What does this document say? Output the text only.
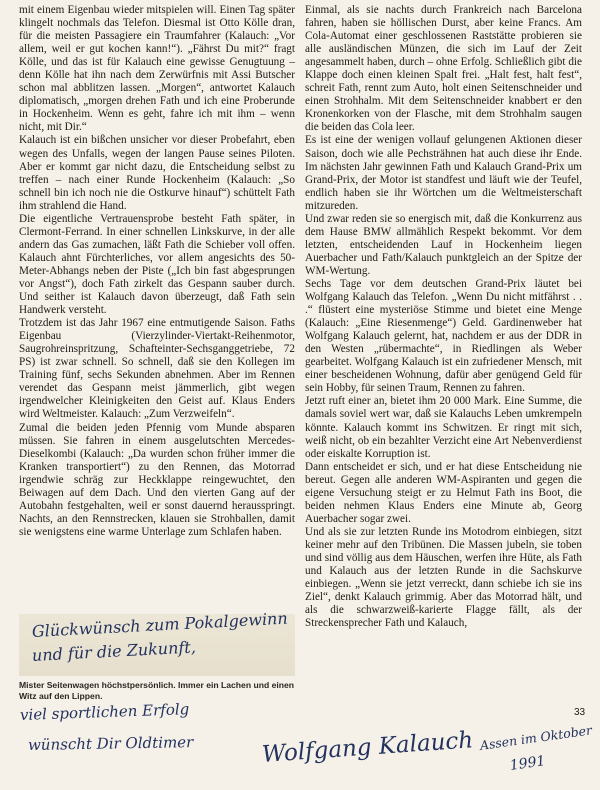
mit einem Eigenbau wieder mitspielen will. Einen Tag später klingelt nochmals das Telefon. Diesmal ist Otto Kölle dran, für die meisten Passagiere ein Traumfahrer (Kalauch: „Vor allem, weil er gut kochen kann!“). „Fährst Du mit?“ fragt Kölle, und das ist für Kalauch eine gewisse Genugtuung – denn Kölle hat ihn nach dem Zerwürfnis mit Assi Butscher schon mal abblitzen lassen. „Morgen“, antwortet Kalauch diplomatisch, „morgen drehen Fath und ich eine Proberunde in Hockenheim. Wenn es geht, fahre ich mit ihm – wenn nicht, mit Dir.“

Kalauch ist ein bißchen unsicher vor dieser Probefahrt, eben wegen des Unfalls, wegen der langen Pause seines Piloten. Aber er kommt gar nicht dazu, die Entscheidung selbst zu treffen – nach einer Runde Hockenheim (Kalauch: „So schnell bin ich noch nie die Ostkurve hinauf“) schüttelt Fath ihm strahlend die Hand.

Die eigentliche Vertrauensprobe besteht Fath später, in Clermont-Ferrand. In einer schnellen Linkskurve, in der alle andern das Gas zumachen, läßt Fath die Schieber voll offen. Kalauch ahnt Fürchterliches, vor allem angesichts des 50-Meter-Abhangs neben der Piste („Ich bin fast abgesprungen vor Angst“), doch Fath zirkelt das Gespann sauber durch. Und seither ist Kalauch davon überzeugt, daß Fath sein Handwerk versteht.

Trotzdem ist das Jahr 1967 eine entmutigende Saison. Faths Eigenbau (Vierzylinder-Viertakt-Reihenmotor, Saugrohreinspritzung, Schafteinter-Sechsganggetriebe, 72 PS) ist zwar schnell. So schnell, daß sie den Kollegen im Training fünf, sechs Sekunden abnehmen. Aber im Rennen verendet das Gespann meist jämmerlich, gibt wegen irgendwelcher Kleinigkeiten den Geist auf. Klaus Enders wird Weltmeister. Kalauch: „Zum Verzweifeln“.

Zumal die beiden jeden Pfennig vom Munde absparen müssen. Sie fahren in einem ausgelutschten Mercedes-Dieselkombi (Kalauch: „Da wurden schon früher immer die Kranken transportiert“) zu den Rennen, das Motorrad irgendwie schräg zur Heckklappe reingewuchtet, den Beiwagen auf dem Dach. Und den vierten Gang auf der Autobahn festgehalten, weil er sonst dauernd herausspringt. Nachts, an den Rennstrecken, klauen sie Strohballen, damit sie wenigstens eine warme Unterlage zum Schlafen haben.

Einmal, als sie nachts durch Frankreich nach Barcelona fahren, haben sie höllischen Durst, aber keine Francs. Am Cola-Automat einer geschlossenen Raststätte probieren sie alle ausländischen Münzen, die sich im Lauf der Zeit angesammelt haben, durch – ohne Erfolg. Schließlich gibt die Klappe doch einen kleinen Spalt frei. „Halt fest, halt fest“, schreit Fath, rennt zum Auto, holt einen Seitenschneider und einen Strohhalm. Mit dem Seitenschneider knabbert er den Kronenkorken von der Flasche, mit dem Strohhalm saugen die beiden das Cola leer.

Es ist eine der wenigen vollauf gelungenen Aktionen dieser Saison, doch wie alle Pechsträhnen hat auch diese ihr Ende. Im nächsten Jahr gewinnen Fath und Kalauch Grand-Prix um Grand-Prix, der Motor ist standfest und läuft wie der Teufel, endlich haben sie ihr Wörtchen um die Weltmeisterschaft mitzureden.

Und zwar reden sie so energisch mit, daß die Konkurrenz aus dem Hause BMW allmählich Respekt bekommt. Vor dem letzten, entscheidenden Lauf in Hockenheim liegen Auerbacher und Fath/Kalauch punktgleich an der Spitze der WM-Wertung.

Sechs Tage vor dem deutschen Grand-Prix läutet bei Wolfgang Kalauch das Telefon. „Wenn Du nicht mitfährst . . .“ flüstert eine mysteriöse Stimme und bietet eine Menge (Kalauch: „Eine Riesenmenge“) Geld. Gardinenweber hat Wolfgang Kalauch gelernt, hat, nachdem er aus der DDR in den Westen „rübermachte“, in Riedlingen als Weber gearbeitet. Wolfgang Kalauch ist ein zufriedener Mensch, mit einer bescheidenen Wohnung, dafür aber genügend Geld für sein Hobby, für seinen Traum, Rennen zu fahren.

Jetzt ruft einer an, bietet ihm 20 000 Mark. Eine Summe, die damals soviel wert war, daß sie Kalauchs Leben umkrempeln könnte. Kalauch kommt ins Schwitzen. Er ringt mit sich, weiß nicht, ob ein bezahlter Verzicht eine Art Nebenverdienst oder eiskalte Korruption ist.

Dann entscheidet er sich, und er hat diese Entscheidung nie bereut. Gegen alle anderen WM-Aspiranten und gegen die eigene Versuchung steigt er zu Helmut Fath ins Boot, die beiden nehmen Klaus Enders eine Minute ab, Georg Auerbacher sogar zwei.

Und als sie zur letzten Runde ins Motodrom einbiegen, sitzt keiner mehr auf den Tribünen. Die Massen jubeln, sie toben und sind völlig aus dem Häuschen, werfen ihre Hüte, als Fath und Kalauch aus der letzten Runde in die Sachskurve einbiegen. „Wenn sie jetzt verreckt, dann schiebe ich sie ins Ziel“, denkt Kalauch grimmig. Aber das Motorrad hält, und als die schwarzweiß-karierte Flagge fällt, als der Streckensprecher Fath und Kalauch,

Mister Seitenwagen höchstpersönlich. Immer ein Lachen und einen Witz auf den Lippen.
Glückwünsch zum Pokalgewinn
und für die Zukunft,
viel sportlichen Erfolg
wünscht Dir Oldtimer	Wolfgang Kalauch Assen im Oktober
1991
33
